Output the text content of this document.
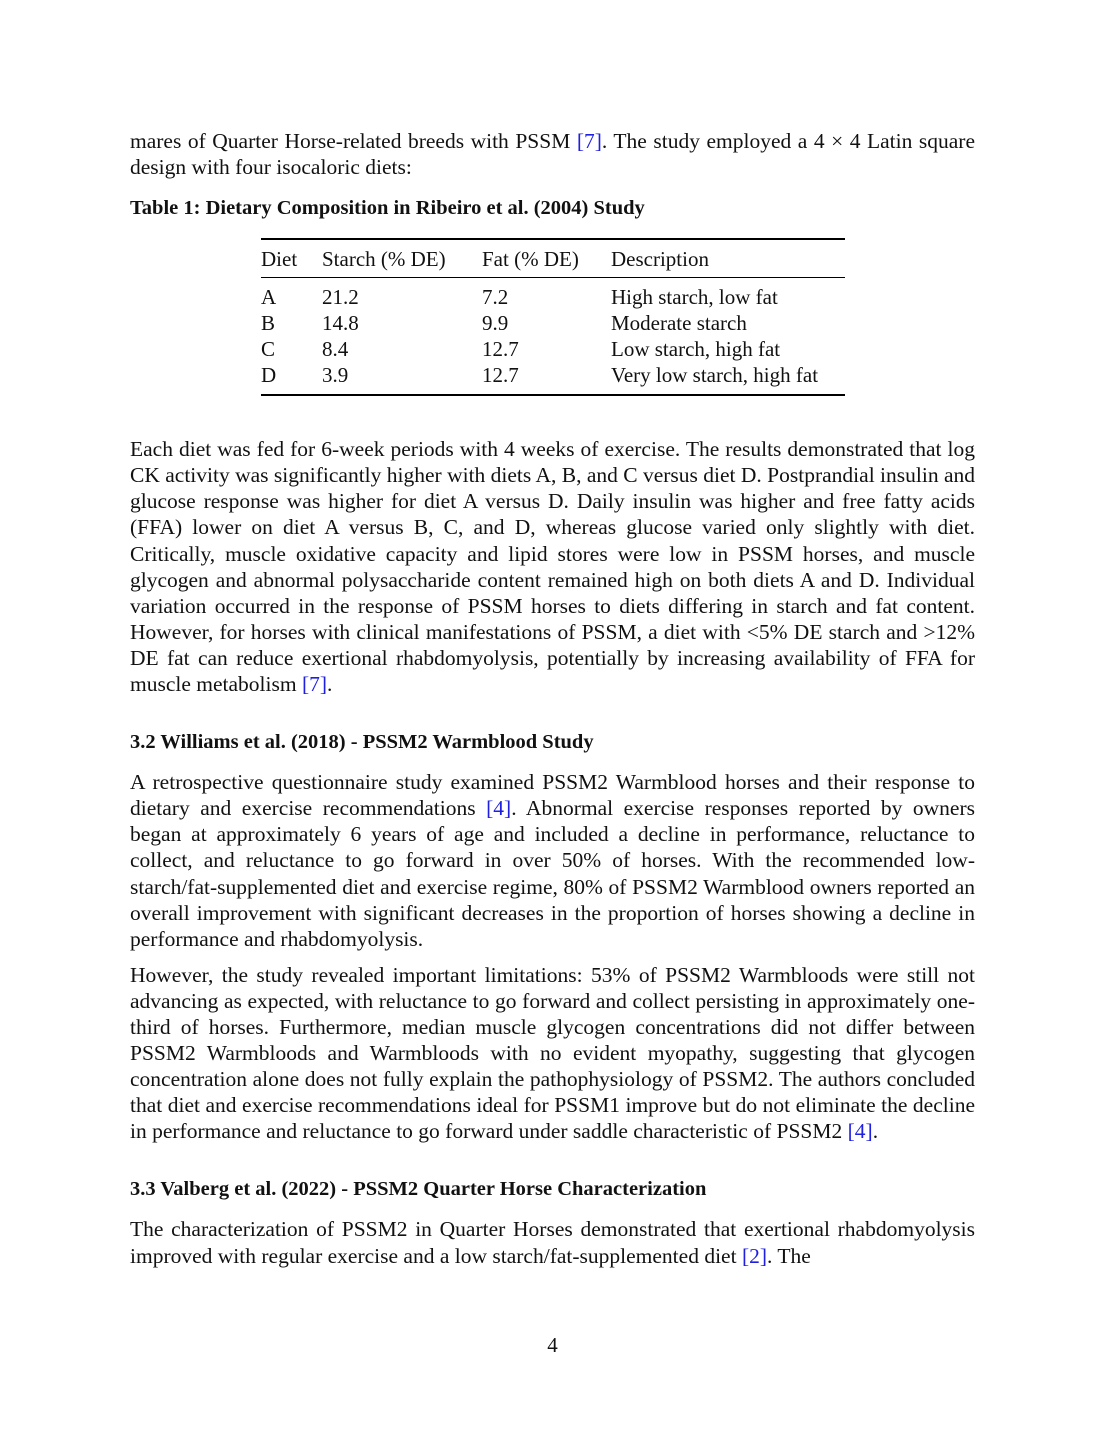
mares of Quarter Horse-related breeds with PSSM [7]. The study employed a 4 × 4 Latin square design with four isocaloric diets:

Table 1: Dietary Composition in Ribeiro et al. (2004) Study

Diet	Starch (% DE)	Fat (% DE)	Description
A	21.2	7.2	High starch, low fat
B	14.8	9.9	Moderate starch
C	8.4	12.7	Low starch, high fat
D	3.9	12.7	Very low starch, high fat

Each diet was fed for 6-week periods with 4 weeks of exercise. The results demonstrated that log CK activity was significantly higher with diets A, B, and C versus diet D. Postprandial insulin and glucose response was higher for diet A versus D. Daily insulin was higher and free fatty acids (FFA) lower on diet A versus B, C, and D, whereas glucose varied only slightly with diet. Critically, muscle oxidative capacity and lipid stores were low in PSSM horses, and muscle glycogen and abnormal polysaccharide content remained high on both diets A and D. Individual variation occurred in the response of PSSM horses to diets differing in starch and fat content. However, for horses with clinical manifestations of PSSM, a diet with <5% DE starch and >12% DE fat can reduce exertional rhabdomyolysis, potentially by increasing availability of FFA for muscle metabolism [7].

3.2 Williams et al. (2018) - PSSM2 Warmblood Study

A retrospective questionnaire study examined PSSM2 Warmblood horses and their response to dietary and exercise recommendations [4]. Abnormal exercise responses reported by owners began at approximately 6 years of age and included a decline in performance, reluctance to collect, and reluctance to go forward in over 50% of horses. With the recommended low-starch/fat-supplemented diet and exercise regime, 80% of PSSM2 Warmblood owners reported an overall improvement with significant decreases in the proportion of horses showing a decline in performance and rhabdomyolysis.

However, the study revealed important limitations: 53% of PSSM2 Warmbloods were still not advancing as expected, with reluctance to go forward and collect persisting in approximately one-third of horses. Furthermore, median muscle glycogen concentrations did not differ between PSSM2 Warmbloods and Warmbloods with no evident myopathy, suggesting that glycogen concentration alone does not fully explain the pathophysiology of PSSM2. The authors concluded that diet and exercise recommendations ideal for PSSM1 improve but do not eliminate the decline in performance and reluctance to go forward under saddle characteristic of PSSM2 [4].

3.3 Valberg et al. (2022) - PSSM2 Quarter Horse Characterization

The characterization of PSSM2 in Quarter Horses demonstrated that exertional rhabdomyolysis improved with regular exercise and a low starch/fat-supplemented diet [2]. The

4
